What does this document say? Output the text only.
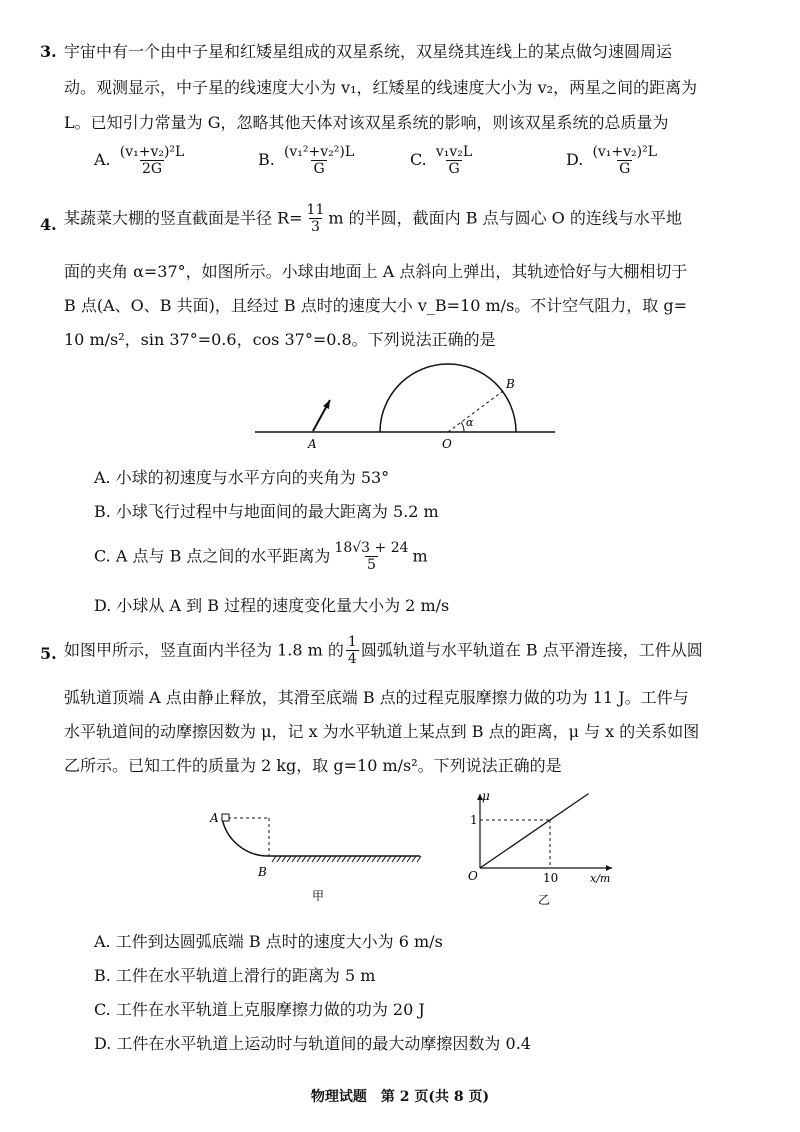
3. 宇宙中有一个由中子星和红矮星组成的双星系统，双星绕其连线上的某点做匀速圆周运
动。观测显示，中子星的线速度大小为 v₁，红矮星的线速度大小为 v₂，两星之间的距离为
L。已知引力常量为 G，忽略其他天体对该双星系统的影响，则该双星系统的总质量为
A. $\frac{\text{(v₁+v₂)²L}}{2G}$	B. $\frac{\text{(v₁²+v₂²)L}}{G}$	C. $\frac{\text{v₁v₂L}}{G}$	D. $\frac{\text{(v₁+v₂)²L}}{G}$
4. 某蔬菜大棚的竖直截面是半径 $R= \frac{11}{3}$ m 的半圆，截面内 B 点与圆心 O 的连线与水平地
面的夹角 α=37°，如图所示。小球由地面上 A 点斜向上弹出，其轨迹恰好与大棚相切于
B 点(A、O、B 共面)，且经过 B 点时的速度大小 v_B=10 m/s。不计空气阻力，取 g=
10 m/s²，sin 37°=0.6，cos 37°=0.8。下列说法正确的是
A	O
B
α
A. 小球的初速度与水平方向的夹角为 53°
B. 小球飞行过程中与地面间的最大距离为 5.2 m
C. A 点与 B 点之间的水平距离为 $\frac{18√3 + 24}{5}$ m
D. 小球从 A 到 B 过程的速度变化量大小为 2 m/s
5. 如图甲所示，竖直面内半径为 1.8 m 的 $\frac{1}{4}$ 圆弧轨道与水平轨道在 B 点平滑连接，工件从圆
弧轨道顶端 A 点由静止释放，其滑至底端 B 点的过程克服摩擦力做的功为 11 J。工件与
水平轨道间的动摩擦因数为 μ，记 x 为水平轨道上某点到 B 点的距离，μ 与 x 的关系如图
乙所示。已知工件的质量为 2 kg，取 g=10 m/s²。下列说法正确的是
A
B
甲
μ
x/m
O
1
10
乙
A. 工件到达圆弧底端 B 点时的速度大小为 6 m/s
B. 工件在水平轨道上滑行的距离为 5 m
C. 工件在水平轨道上克服摩擦力做的功为 20 J
D. 工件在水平轨道上运动时与轨道间的最大动摩擦因数为 0.4
物理试题　第 2 页(共 8 页)
